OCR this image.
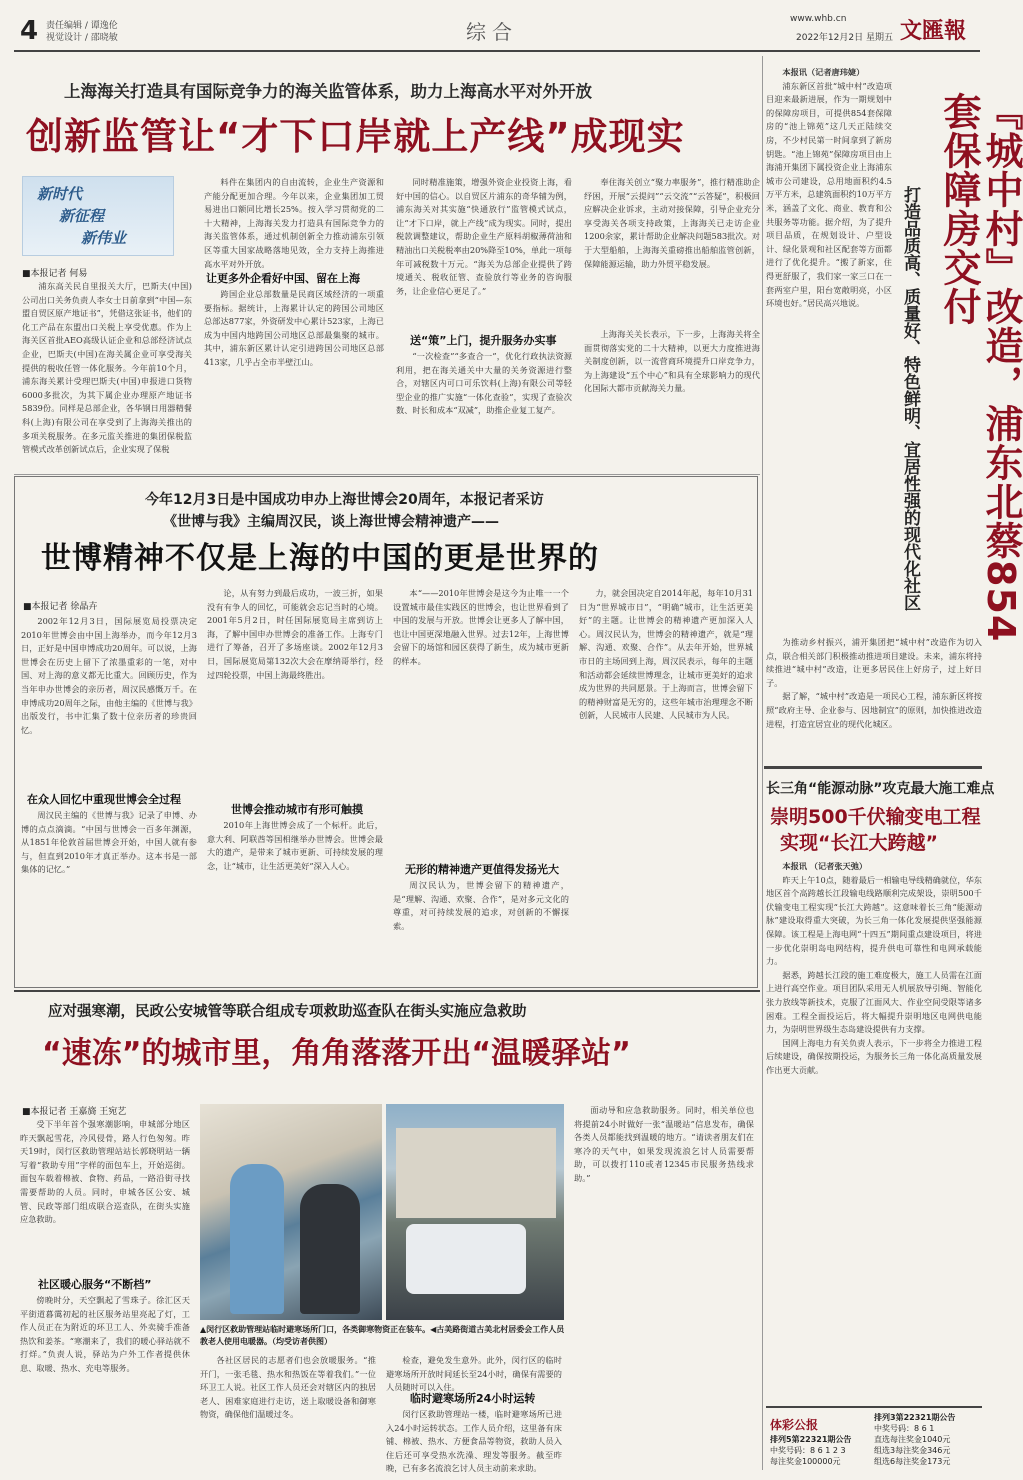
4 责任编辑 / 谭逸伦
视觉设计 / 邵晓敏	综合
www.whb.cn
2022年12月2日 星期五 文匯報
上海海关打造具有国际竞争力的海关监管体系，助力上海高水平对外开放
创新监管让“才下口岸就上产线”成现实
新时代
新征程
新伟业
■本报记者 何易

浦东高关民自里报关大厅，巴斯夫(中国)公司出口关务负责人李女士日前拿到“中国—东盟自贸区原产地证书”，凭借这张证书，他们的化工产品在东盟出口关税上享受优惠。作为上海关区首批AEO高级认证企业和总部经济试点企业，巴斯夫(中国)在海关属企业可享受海关提供的税收任管一体化服务。今年前10个月，浦东海关累计受理巴斯夫(中国)申报进口货物6000多批次，为其下属企业办理原产地证书5839份。同样是总部企业，各华钢日用器精餐科(上海)有限公司在享受到了上海海关推出的多项关税服务。在多元监关推进的集团保税监管模式改革创新试点后，企业实现了保税

料件在集团内的自由流转，企业生产资源和产能分配更加合理。今年以来，企业集团加工贸易进出口额同比增长25%。按入学习贯彻党的二十大精神，上海海关发力打造具有国际竞争力的海关监管体系，通过机制创新全力推动浦东引领区等重大国家战略落地见效，全力支持上海推进高水平对外开放。

让更多外企看好中国、留在上海

跨国企业总部数量是民商区域经济的一项重要指标。据统计，上海累计认定的跨国公司地区总部达877家，外资研发中心累计523家，上海已成为中国内地跨国公司地区总部最集聚的城市。其中，浦东新区累计认定引进跨国公司地区总部413家，几乎占全市半壁江山。

同时精准施策，增强外资企业投资上海，看好中国的信心。以自贸区片浦东的奇华辅为例，浦东海关对其实施“快通放行”监管模式试点，让“才下口岸，就上产线”成为现实。同时，提出税款调整建议，帮助企业生产原料胡椒薄荷油和精油出口关税税率由20%降至10%，单此一项每年可减税数十万元。“海关为总部企业提供了跨境通关、税收征管、查验放行等业务的咨询服务，让企业信心更足了。”

送“策”上门，提升服务办实事

“一次检查”“多查合一”，优化行政执法资源利用，把在海关通关中大量的关务资源进行整合，对辖区内可口可乐饮料(上海)有限公司等轻型企业的推广实施“一体化查验”，实现了查验次数、时长和成本“双减”，助推企业复工复产。

奉住海关创立“聚力率服务”，推行精准助企纾困，开展“云提问”“云交流”“云答疑”，积极回应解决企业诉求，主动对接保障，引导企业充分享受海关各项支持政策，上海海关已走访企业1200余家，累计帮助企业解决问题583批次。对于大型船舶，上海海关重磅推出船舶监管创新，保障能源运输，助力外贸平稳发展。

上海海关关长表示，下一步，上海海关将全面贯彻落实党的二十大精神，以更大力度推进海关制度创新，以一流营商环境提升口岸竞争力，为上海建设“五个中心”和具有全球影响力的现代化国际大都市贡献海关力量。

本报讯（记者唐玮婕）

浦东新区首批“城中村”改造项目迎来最新进展，作为一期规划中的保障房项目，可提供854套保障房的“池上锦苑”这几天正陆续交房，不少村民第一时间拿到了新房钥匙。“池上锦苑”保障房项目由上海浦开集团下属投资企业上海浦东城市公司建设，总用地面积约4.5万平方米，总建筑面积约10万平方米，涵盖了文化、商业、教育和公共服务等功能。据介绍，为了提升项目品质，在规划设计、户型设计、绿化景观和社区配套等方面都进行了优化提升。“搬了新家，住得更舒服了，我们家一家三口在一套两室户里，阳台宽敞明亮，小区环境也好。”居民高兴地说。	『城中村』改造，浦东北蔡854套保障房交付
打造品质高、质量好、特色鲜明、宜居性强的现代化社区

为推动乡村振兴，浦开集团把“城中村”改造作为切入点，联合相关部门积极推动推进项目建设。未来，浦东将持续推进“城中村”改造，让更多居民住上好房子，过上好日子。

据了解，“城中村”改造是一项民心工程，浦东新区将按照“政府主导、企业参与、因地制宜”的原则，加快推进改造进程，打造宜居宜业的现代化城区。

长三角“能源动脉”攻克最大施工难点
崇明500千伏输变电工程
实现“长江大跨越”

本报讯 （记者张天弛）

昨天上午10点，随着最后一相输电导线精确就位，华东地区首个高跨越长江段输电线路顺利完成架设，崇明500千伏输变电工程实现“长江大跨越”。这意味着长三角“能源动脉”建设取得重大突破，为长三角一体化发展提供坚强能源保障。该工程是上海电网“十四五”期间重点建设项目，将进一步优化崇明岛电网结构，提升供电可靠性和电网承载能力。

据悉，跨越长江段的施工难度极大，施工人员需在江面上进行高空作业。项目团队采用无人机展放导引绳、智能化张力放线等新技术，克服了江面风大、作业空间受限等诸多困难。工程全面投运后，将大幅提升崇明地区电网供电能力，为崇明世界级生态岛建设提供有力支撑。

国网上海电力有关负责人表示，下一步将全力推进工程后续建设，确保按期投运，为服务长三角一体化高质量发展作出更大贡献。

体彩公报
排列5第22321期公告
中奖号码：8 6 1 2 3
每注奖金100000元
排列3第22321期公告
中奖号码：8 6 1
直选每注奖金1040元
组选3每注奖金346元
组选6每注奖金173元
今年12月3日是中国成功申办上海世博会20周年，本报记者采访
《世博与我》主编周汉民，谈上海世博会精神遗产——
世博精神不仅是上海的中国的更是世界的
■本报记者 徐晶卉

2002年12月3日，国际展览局投票决定2010年世博会由中国上海举办，而今年12月3日，正好是中国申博成功20周年。可以说，上海世博会在历史上留下了浓墨重彩的一笔，对中国、对上海的意义都无比重大。回顾历史，作为当年申办世博会的亲历者，周汉民感慨万千。在申博成功20周年之际，由他主编的《世博与我》出版发行，书中汇集了数十位亲历者的珍贵回忆。

在众人回忆中重现世博会全过程

周汉民主编的《世博与我》记录了申博、办博的点点滴滴。“中国与世博会一百多年渊源，从1851年伦敦首届世博会开始，中国人就有参与，但直到2010年才真正举办。这本书是一部集体的记忆。”

论，从有努力到最后成功，一波三折，如果没有有争人的回忆，可能就会忘记当时的心境。2001年5月2日，时任国际展览局主席到访上海，了解中国申办世博会的准备工作。上海专门进行了筹备，召开了多场座谈。2002年12月3日，国际展览局第132次大会在摩纳哥举行，经过四轮投票，中国上海最终胜出。

世博会推动城市有形可触摸

2010年上海世博会成了一个标杆。此后，意大利、阿联酋等国相继举办世博会。世博会最大的遗产，是带来了城市更新、可持续发展的理念，让“城市，让生活更美好”深入人心。

本“——2010年世博会是这今为止唯一一个设置城市最佳实践区的世博会，也让世界看到了中国的发展与开放。世博会让更多人了解中国，也让中国更深地融入世界。过去12年，上海世博会留下的场馆和园区获得了新生，成为城市更新的样本。

无形的精神遗产更值得发扬光大

周汉民认为，世博会留下的精神遗产，是“理解、沟通、欢聚、合作”，是对多元文化的尊重，对可持续发展的追求，对创新的不懈探索。

力，就会国决定自2014年起，每年10月31日为“世界城市日”，“明确”城市，让生活更美好”的主题。让世博会的精神遗产更加深入人心。周汉民认为，世博会的精神遗产，就是“理解、沟通、欢聚、合作”。从去年开始，世界城市日的主场回到上海，周汉民表示，每年的主题和活动都会延续世博理念，让城市更美好的追求成为世界的共同愿景。于上海而言，世博会留下的精神财富是无穷的，这些年城市治理理念不断创新，人民城市人民建、人民城市为人民。

应对强寒潮，民政公安城管等联合组成专项救助巡查队在街头实施应急救助
“速冻”的城市里，角角落落开出“温暖驿站”
■本报记者 王嘉旖 王宛艺

受下半年首个强寒潮影响，申城部分地区昨天飘起雪花，冷风侵骨，路人行色匆匆。昨天19时，闵行区救助管理站站长郭晓明站一辆写着“救助专用”字样的面包车上，开始巡街。面包车载着棉被、食物、药品，一路沿街寻找需要帮助的人员。同时，申城各区公安、城管、民政等部门组成联合巡查队，在街头实施应急救助。

社区暖心服务“不断档”

傍晚时分，天空飘起了雪珠子。徐汇区天平街道暮霭初起的社区服务站里亮起了灯，工作人员正在为附近的环卫工人、外卖骑手准备热饮和姜茶。“寒潮来了，我们的暖心驿站就不打烊。”负责人说，驿站为户外工作者提供休息、取暖、热水、充电等服务。

▲闵行区救助管理站临时避寒场所门口，各类御寒物资正在装车。◀古美路街道古美北村居委会工作人员教老人使用电暖器。（均受访者供图）

各社区居民的志愿者们也会放暖服务。“推开门，一张毛毯、热水和热饭在等着我们。”一位环卫工人说。社区工作人员还会对辖区内的独居老人、困难家庭进行走访，送上取暖设备和御寒物资，确保他们温暖过冬。

检查，避免发生意外。此外，闵行区的临时避寒场所开放时间延长至24小时，确保有需要的人员随时可以入住。

临时避寒场所24小时运转

闵行区救助管理站一楼，临时避寒场所已进入24小时运转状态。工作人员介绍，这里备有床铺、棉被、热水、方便食品等物资，救助人员入住后还可享受热水洗澡、理发等服务。截至昨晚，已有多名流浪乞讨人员主动前来求助。

面动导和应急救助服务。同时，相关单位也将提前24小时做好一张“温暖站”信息发布，确保各类人员都能找到温暖的地方。“请读者朋友们在寒冷的天气中，如果发现流浪乞讨人员需要帮助，可以拨打110或者12345市民服务热线求助。”
